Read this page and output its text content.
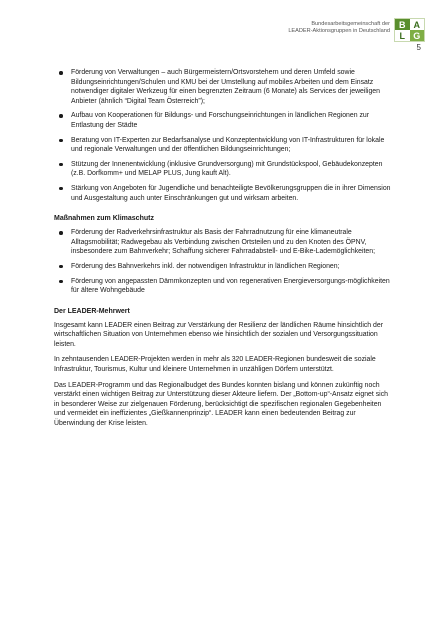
Bundesarbeitsgemeinschaft der
LEADER-Aktionsgruppen in Deutschland
B A
L G
5
Förderung von Verwaltungen – auch Bürgermeistern/Ortsvorstehern und deren Umfeld sowie Bildungseinrichtungen/Schulen und KMU bei der Umstellung auf mobiles Arbeiten und dem Einsatz notwendiger digitaler Werkzeug für einen begrenzten Zeitraum (6 Monate) als Services der jeweiligen Anbieter (ähnlich “Digital Team Österreich”);
Aufbau von Kooperationen für Bildungs- und Forschungseinrichtungen in ländlichen Regionen zur Entlastung der Städte
Beratung von IT-Experten zur Bedarfsanalyse und Konzeptentwicklung von IT-Infrastrukturen für lokale und regionale Verwaltungen und der öffentlichen Bildungseinrichtungen;
Stützung der Innenentwicklung (inklusive Grundversorgung) mit Grundstückspool, Gebäudekonzepten (z.B. Dorfkomm+ und MELAP PLUS, Jung kauft Alt).
Stärkung von Angeboten für Jugendliche und benachteiligte Bevölkerungsgruppen die in ihrer Dimension und Ausgestaltung auch unter Einschränkungen gut und wirksam arbeiten.
Maßnahmen zum Klimaschutz
Förderung der Radverkehrsinfrastruktur als Basis der Fahrradnutzung für eine klimaneutrale Alltagsmobilität; Radwegebau als Verbindung zwischen Ortsteilen und zu den Knoten des ÖPNV, insbesondere zum Bahnverkehr; Schaffung sicherer Fahrradabstell- und E-Bike-Lademöglichkeiten;
Förderung des Bahnverkehrs inkl. der notwendigen Infrastruktur in ländlichen Regionen;
Förderung von angepassten Dämmkonzepten und von regenerativen Energieversorgungs-möglichkeiten für ältere Wohngebäude
Der LEADER-Mehrwert

Insgesamt kann LEADER einen Beitrag zur Verstärkung der Resilienz der ländlichen Räume hinsichtlich der wirtschaftlichen Situation von Unternehmen ebenso wie hinsichtlich der sozialen und Versorgungssituation leisten.

In zehntausenden LEADER-Projekten werden in mehr als 320 LEADER-Regionen bundesweit die soziale Infrastruktur, Tourismus, Kultur und kleinere Unternehmen in unzähligen Dörfern unterstützt.

Das LEADER-Programm und das Regionalbudget des Bundes konnten bislang und können zukünftig noch verstärkt einen wichtigen Beitrag zur Unterstützung dieser Akteure liefern. Der „Bottom-up“-Ansatz eignet sich in besonderer Weise zur zielgenauen Förderung, berücksichtigt die spezifischen regionalen Gegebenheiten und vermeidet ein ineffizientes „Gießkannenprinzip“. LEADER kann einen bedeutenden Beitrag zur Überwindung der Krise leisten.
